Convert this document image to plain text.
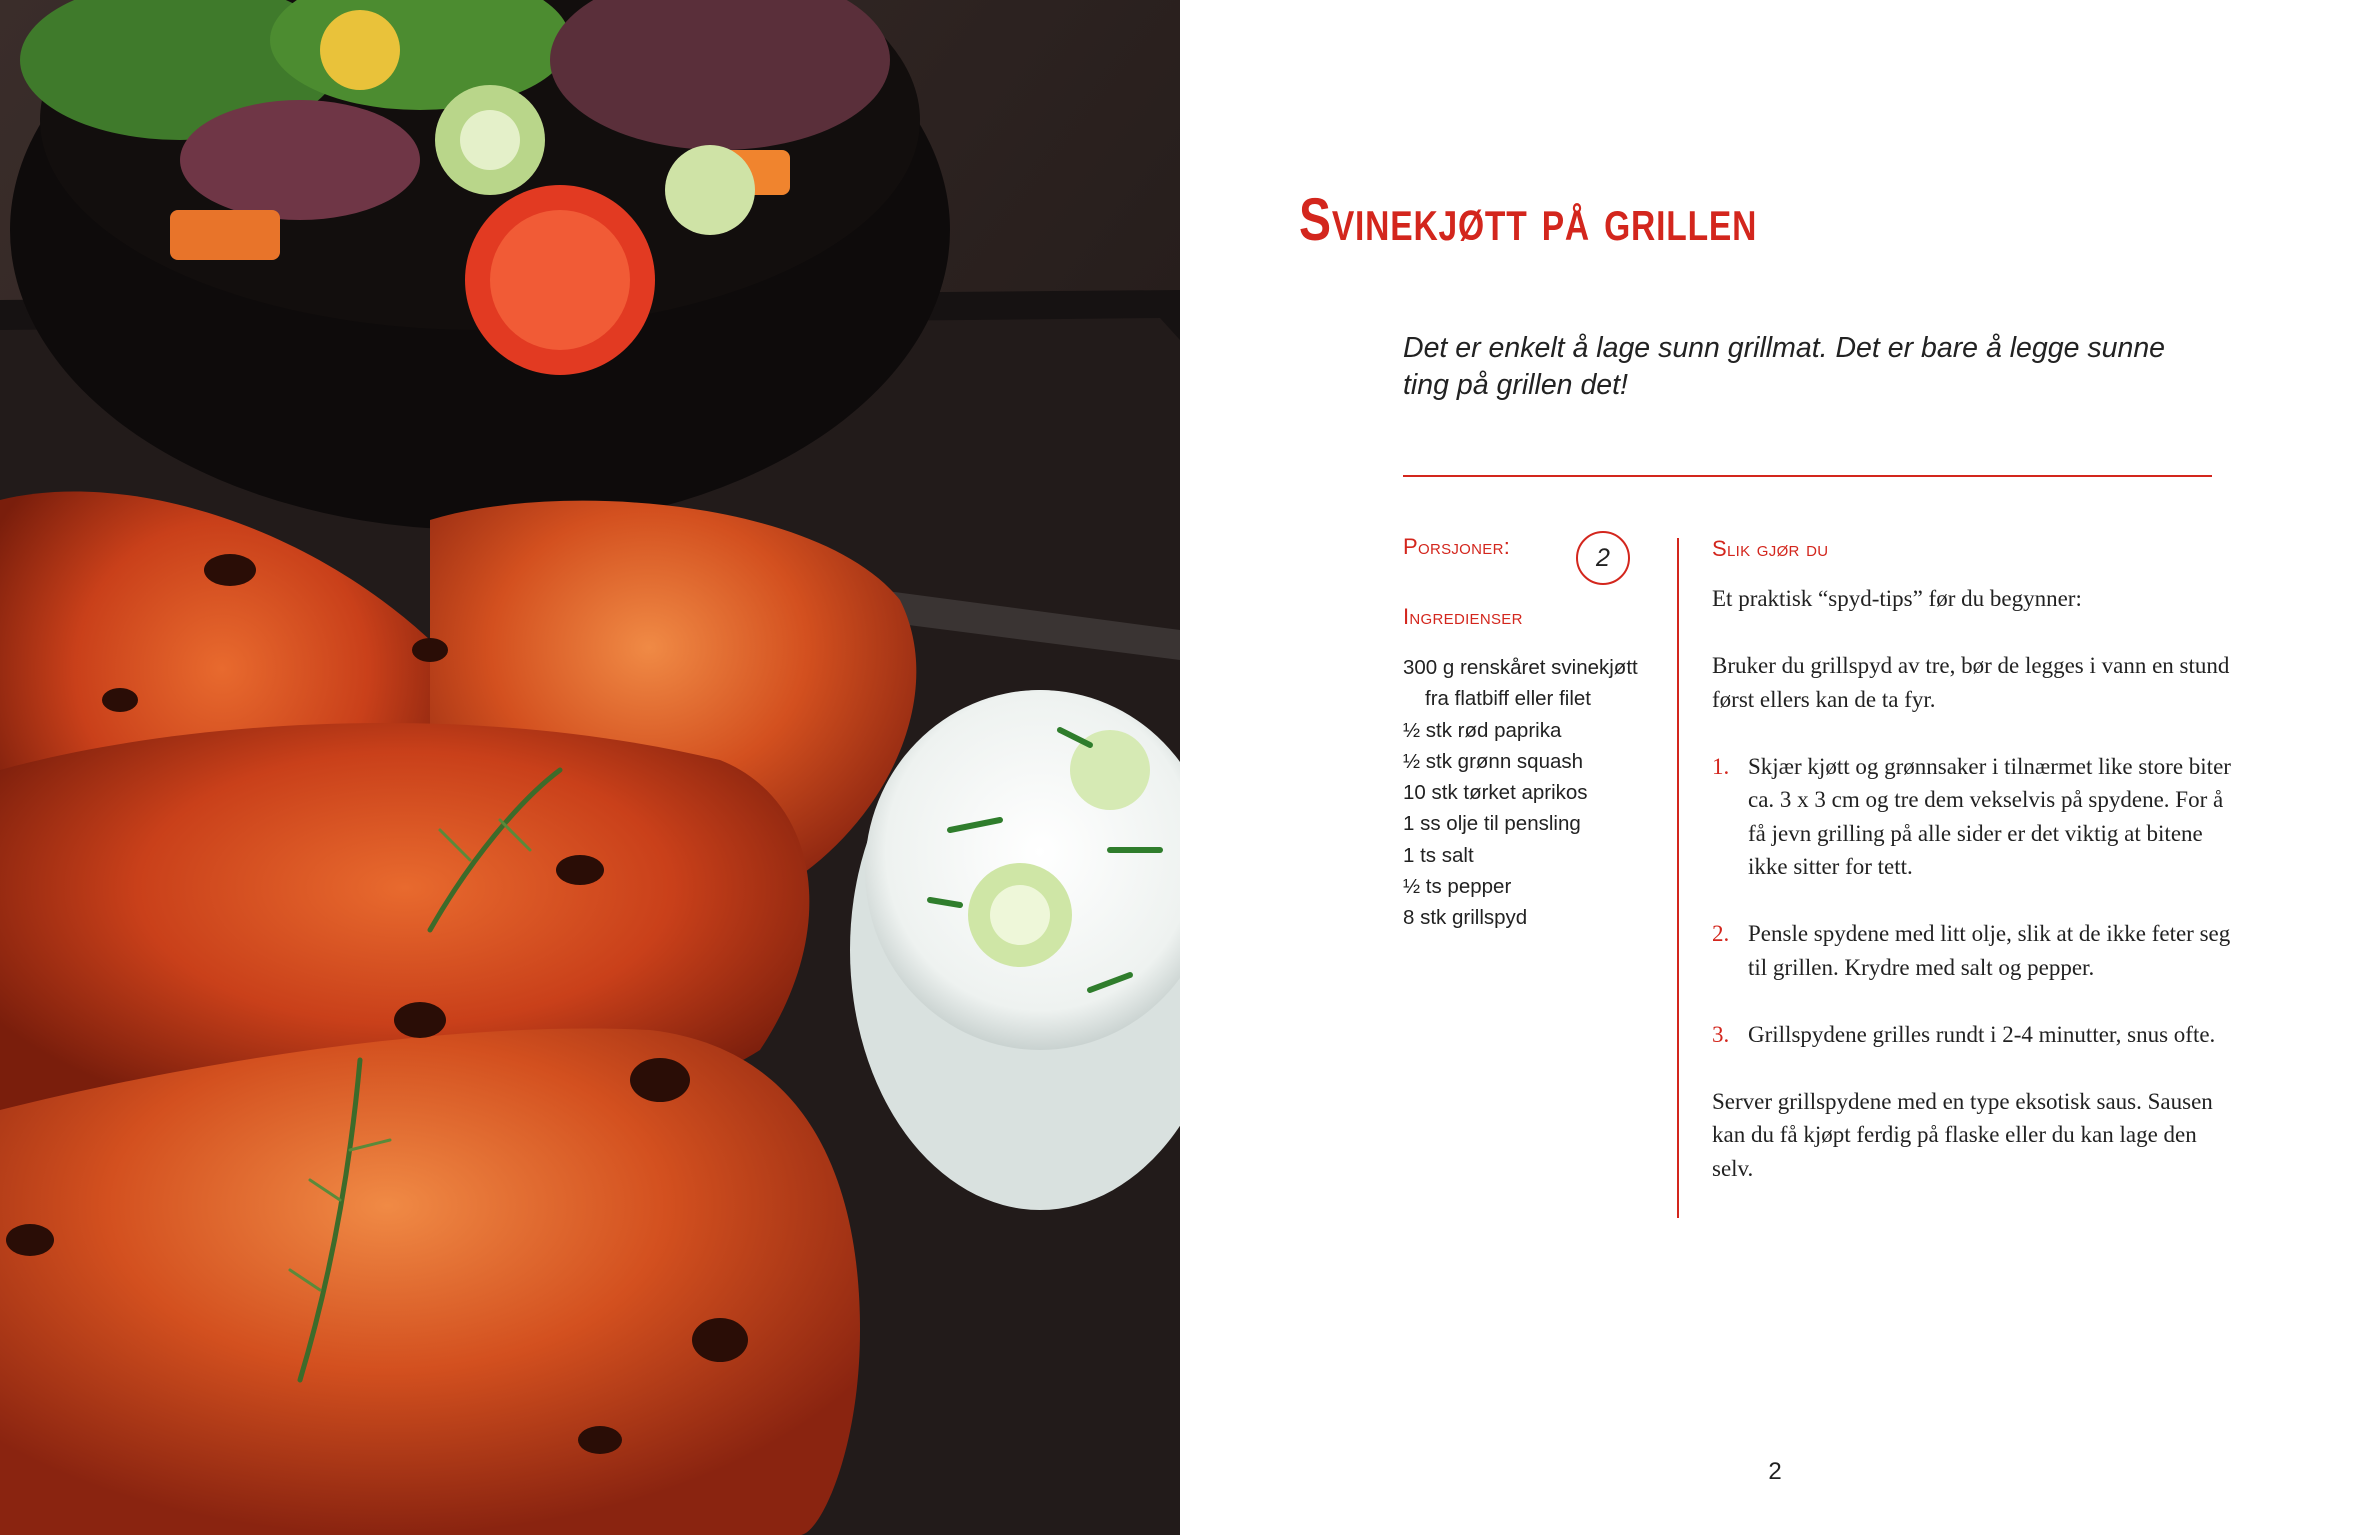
Svinekjøtt på grillen

Det er enkelt å lage sunn grillmat. Det er bare å legge sunne ting på grillen det!

Porsjoner:	2
Ingredienser
300 g renskåret svinekjøtt fra flatbiff eller filet
½ stk rød paprika
½ stk grønn squash
10 stk tørket aprikos
1 ss olje til pensling
1 ts salt
½ ts pepper
8 stk grillspyd
Slik gjør du

Et praktisk “spyd-tips” før du begynner:

Bruker du grillspyd av tre, bør de legges i vann en stund først ellers kan de ta fyr.

1. Skjær kjøtt og grønnsaker i tilnærmet like store biter ca. 3 x 3 cm og tre dem vekselvis på spydene. For å få jevn grilling på alle sider er det viktig at bitene ikke sitter for tett.
2. Pensle spydene med litt olje, slik at de ikke feter seg til grillen. Krydre med salt og pepper.
3. Grillspydene grilles rundt i 2-4 minutter, snus ofte.

Server grillspydene med en type eksotisk saus. Sausen kan du få kjøpt ferdig på flaske eller du kan lage den selv.

2
